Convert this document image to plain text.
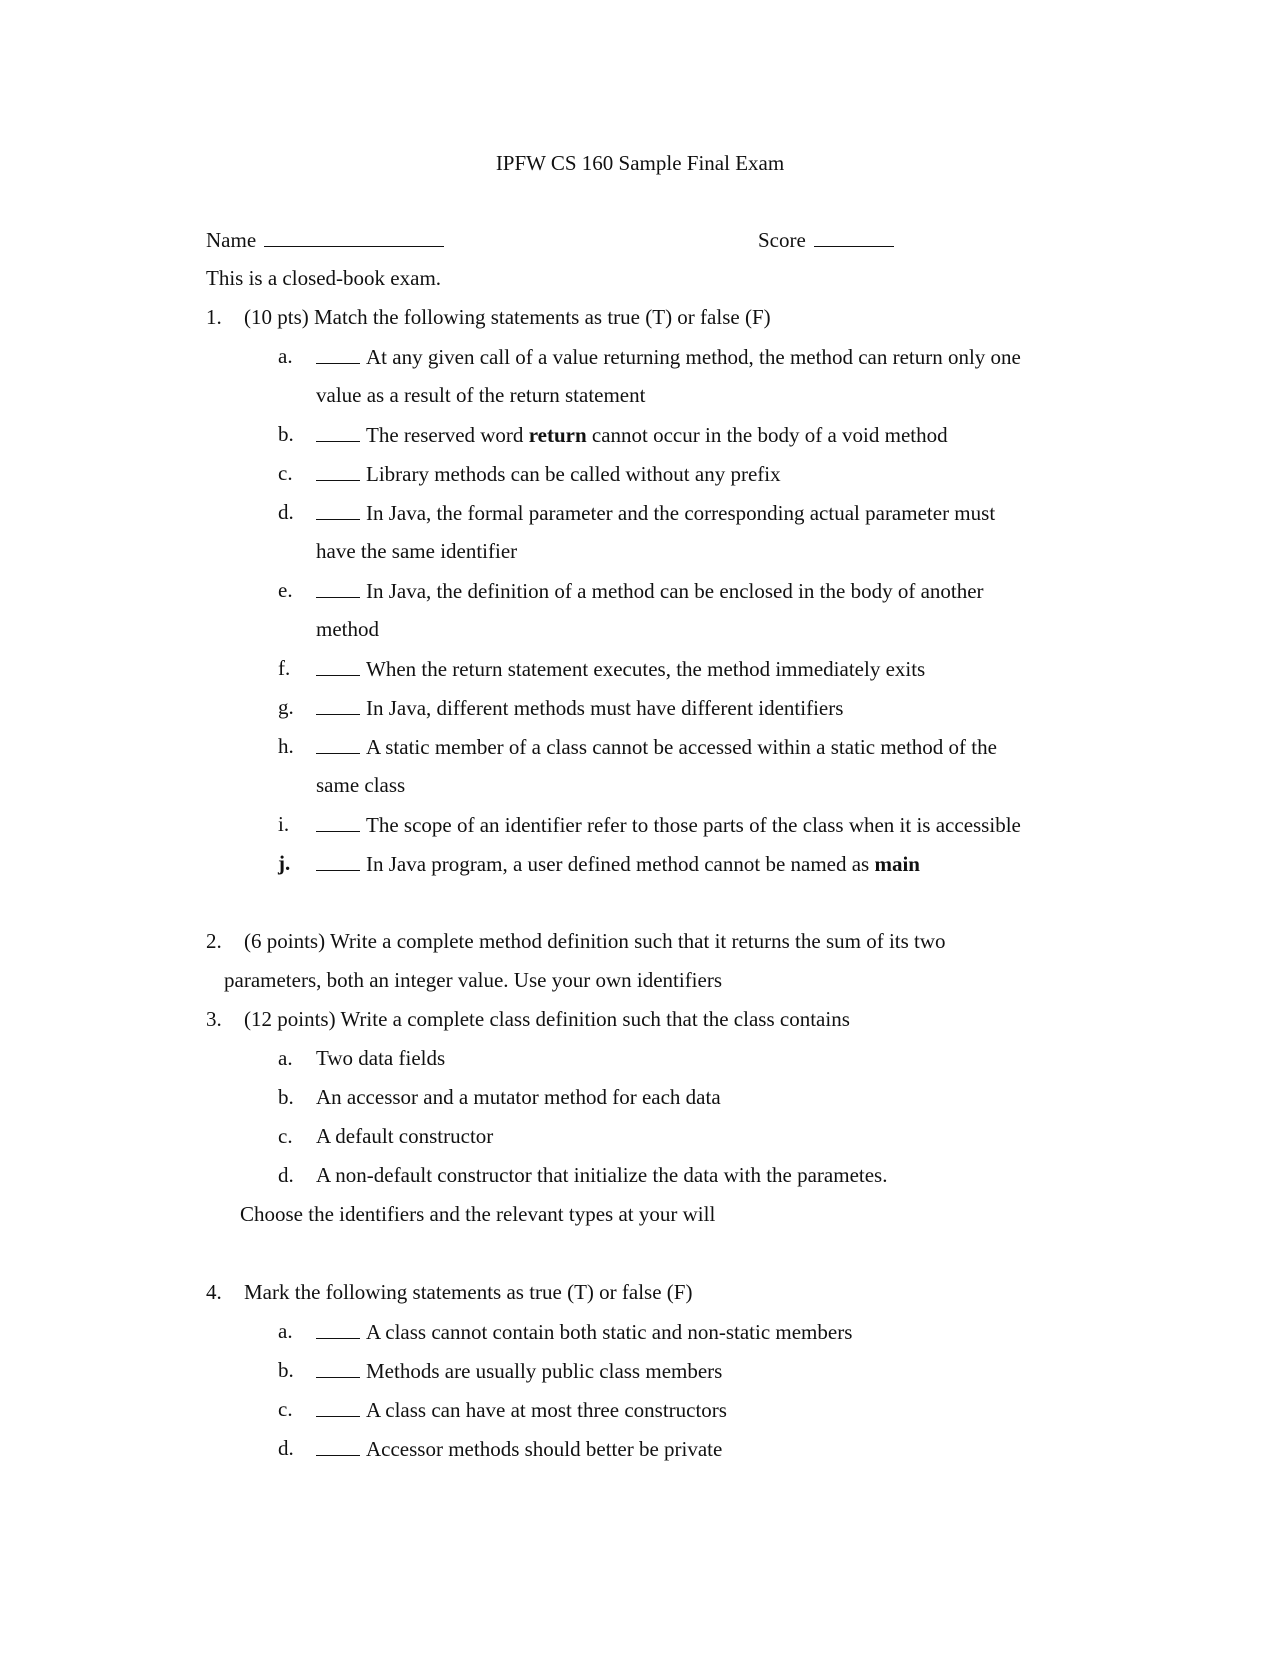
IPFW CS 160 Sample Final Exam
Name	Score
This is a closed-book exam.
1. (10 pts) Match the following statements as true (T) or false (F)
a.	At any given call of a value returning method, the method can return only one
value as a result of the return statement
b.	The reserved word return cannot occur in the body of a void method
c.	Library methods can be called without any prefix
d.	In Java, the formal parameter and the corresponding actual parameter must
have the same identifier
e.	In Java, the definition of a method can be enclosed in the body of another
method
f.	When the return statement executes, the method immediately exits
g.	In Java, different methods must have different identifiers
h.	A static member of a class cannot be accessed within a static method of the
same class
i.	The scope of an identifier refer to those parts of the class when it is accessible
j.	In Java program, a user defined method cannot be named as main
2. (6 points) Write a complete method definition such that it returns the sum of its two
parameters, both an integer value. Use your own identifiers
3. (12 points) Write a complete class definition such that the class contains
a. Two data fields
b. An accessor and a mutator method for each data
c. A default constructor
d. A non-default constructor that initialize the data with the parametes.
Choose the identifiers and the relevant types at your will
4. Mark the following statements as true (T) or false (F)
a.	A class cannot contain both static and non-static members
b.	Methods are usually public class members
c.	A class can have at most three constructors
d.	Accessor methods should better be private
